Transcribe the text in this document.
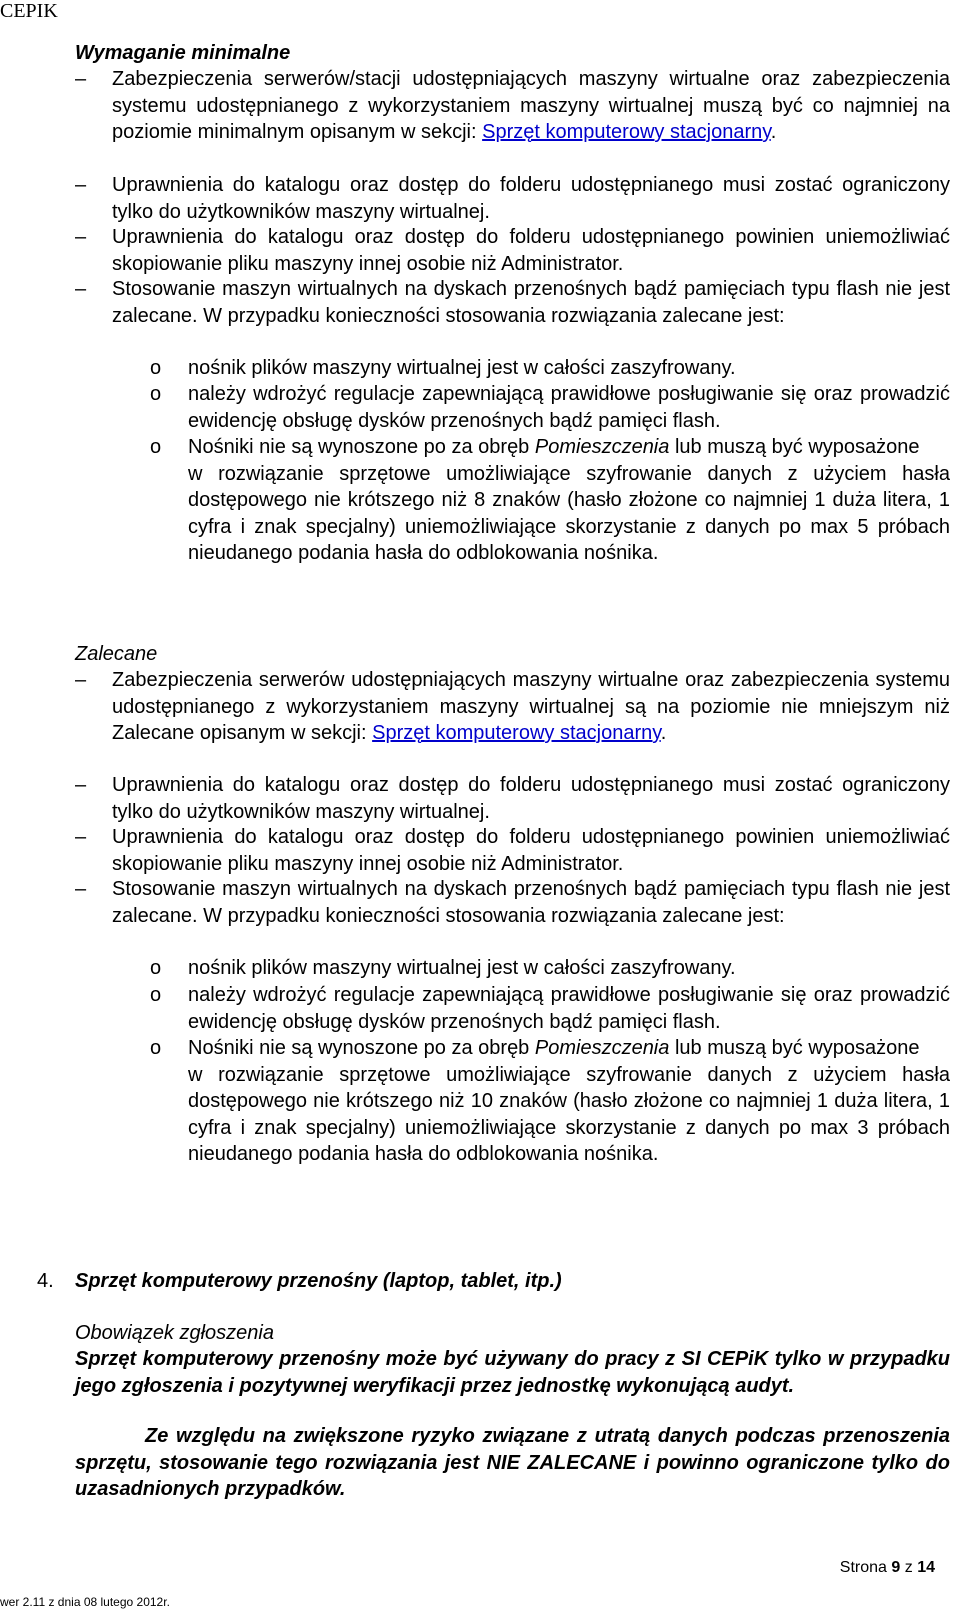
CEPIK
Wymaganie minimalne
– Zabezpieczenia serwerów/stacji udostępniających maszyny wirtualne oraz zabezpieczenia systemu udostępnianego z wykorzystaniem maszyny wirtualnej muszą być co najmniej na poziomie minimalnym opisanym w sekcji: Sprzęt komputerowy stacjonarny.
– Uprawnienia do katalogu oraz dostęp do folderu udostępnianego musi zostać ograniczony tylko do użytkowników maszyny wirtualnej.
– Uprawnienia do katalogu oraz dostęp do folderu udostępnianego powinien uniemożliwiać skopiowanie pliku maszyny innej osobie niż Administrator.
– Stosowanie maszyn wirtualnych na dyskach przenośnych bądź pamięciach typu flash nie jest zalecane. W przypadku konieczności stosowania rozwiązania zalecane jest:
o nośnik plików maszyny wirtualnej jest w całości zaszyfrowany.
o należy wdrożyć regulacje zapewniającą prawidłowe posługiwanie się oraz prowadzić ewidencję obsługę dysków przenośnych bądź pamięci flash.
o Nośniki nie są wynoszone po za obręb Pomieszczenia lub muszą być wyposażone
w rozwiązanie sprzętowe umożliwiające szyfrowanie danych z użyciem hasła dostępowego nie krótszego niż 8 znaków (hasło złożone co najmniej 1 duża litera, 1 cyfra i znak specjalny) uniemożliwiające skorzystanie z danych po max 5 próbach nieudanego podania hasła do odblokowania nośnika.
Zalecane
– Zabezpieczenia serwerów udostępniających maszyny wirtualne oraz zabezpieczenia systemu udostępnianego z wykorzystaniem maszyny wirtualnej są na poziomie nie mniejszym niż Zalecane opisanym w sekcji: Sprzęt komputerowy stacjonarny.
– Uprawnienia do katalogu oraz dostęp do folderu udostępnianego musi zostać ograniczony tylko do użytkowników maszyny wirtualnej.
– Uprawnienia do katalogu oraz dostęp do folderu udostępnianego powinien uniemożliwiać skopiowanie pliku maszyny innej osobie niż Administrator.
– Stosowanie maszyn wirtualnych na dyskach przenośnych bądź pamięciach typu flash nie jest zalecane. W przypadku konieczności stosowania rozwiązania zalecane jest:
o nośnik plików maszyny wirtualnej jest w całości zaszyfrowany.
o należy wdrożyć regulacje zapewniającą prawidłowe posługiwanie się oraz prowadzić ewidencję obsługę dysków przenośnych bądź pamięci flash.
o Nośniki nie są wynoszone po za obręb Pomieszczenia lub muszą być wyposażone
w rozwiązanie sprzętowe umożliwiające szyfrowanie danych z użyciem hasła dostępowego nie krótszego niż 10 znaków (hasło złożone co najmniej 1 duża litera, 1 cyfra i znak specjalny) uniemożliwiające skorzystanie z danych po max 3 próbach nieudanego podania hasła do odblokowania nośnika.
4. Sprzęt komputerowy przenośny (laptop, tablet, itp.)
Obowiązek zgłoszenia
Sprzęt komputerowy przenośny może być używany do pracy z SI CEPiK tylko w przypadku jego zgłoszenia i pozytywnej weryfikacji przez jednostkę wykonującą audyt.
Ze względu na zwiększone ryzyko związane z utratą danych podczas przenoszenia sprzętu, stosowanie tego rozwiązania jest NIE ZALECANE i powinno ograniczone tylko do uzasadnionych przypadków.
Strona 9 z 14
wer 2.11 z dnia 08 lutego 2012r.
